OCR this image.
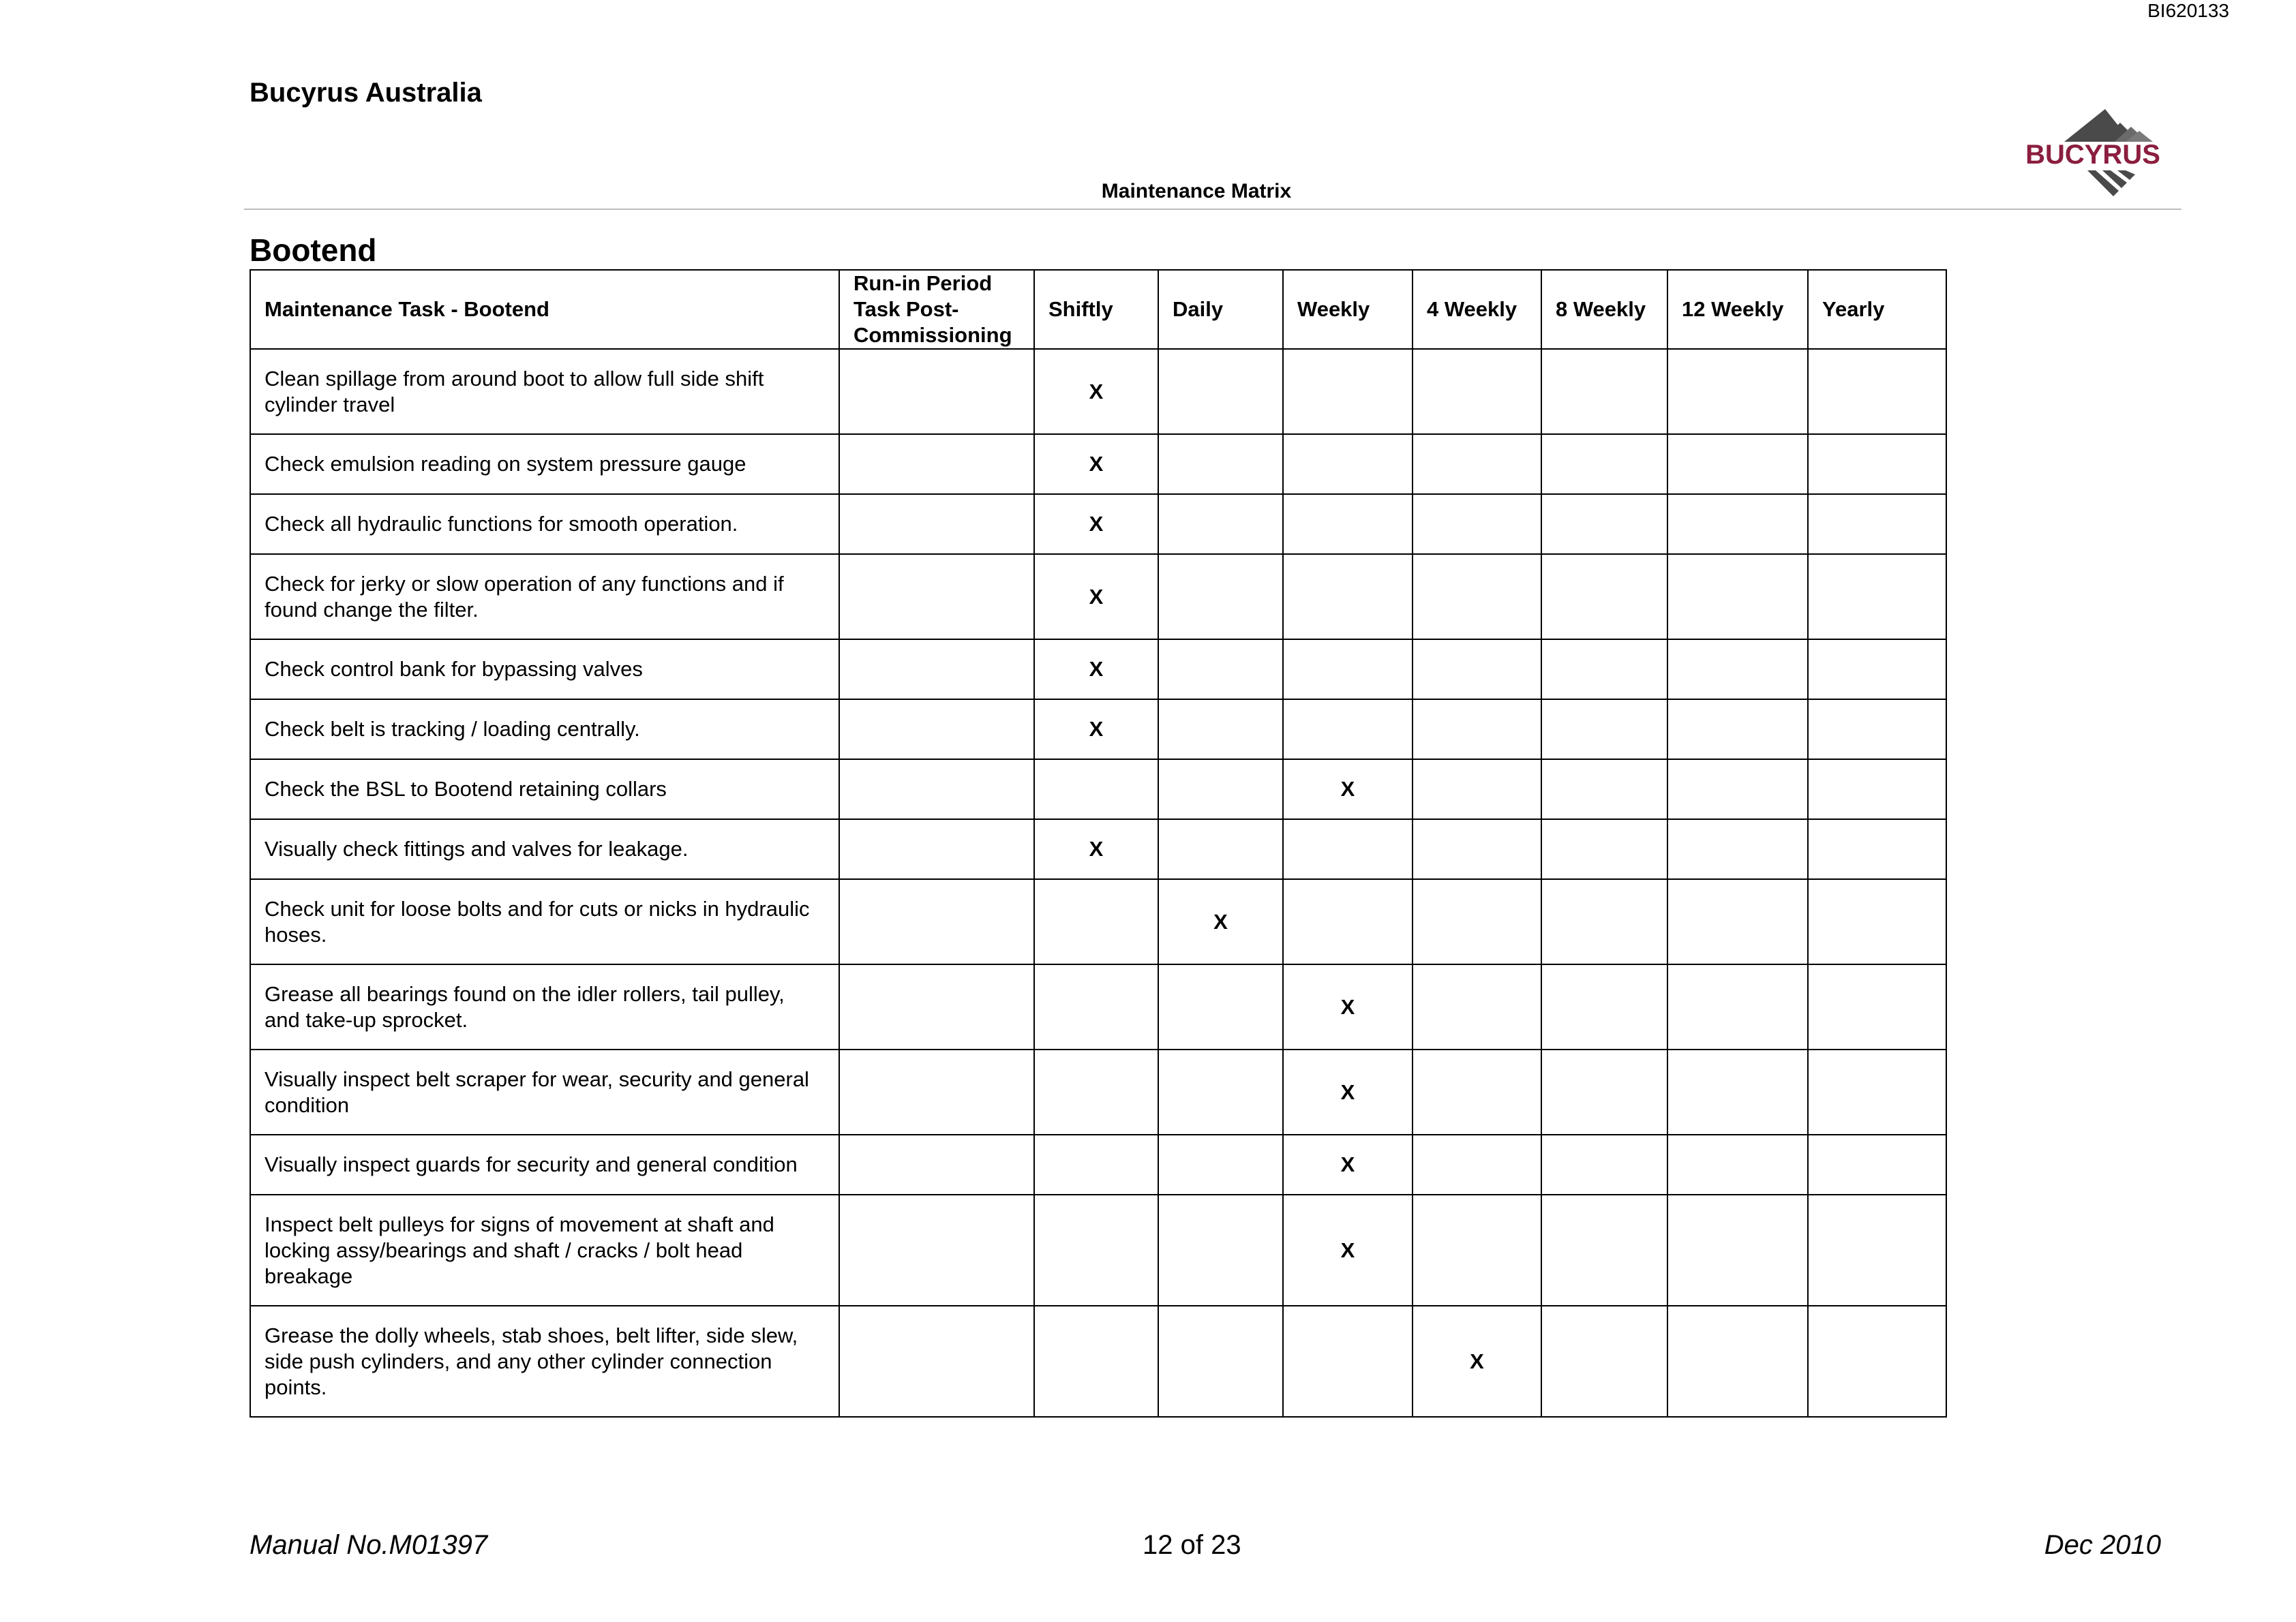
BI620133
Bucyrus Australia
BUCYRUS
Maintenance Matrix
Bootend
Maintenance Task - Bootend	Run-in Period Task Post-Commissioning	Shiftly	Daily	Weekly	4 Weekly	8 Weekly	12 Weekly	Yearly
Clean spillage from around boot to allow full side shift cylinder travel		X						
Check emulsion reading on system pressure gauge		X						
Check all hydraulic functions for smooth operation.		X						
Check for jerky or slow operation of any functions and if found change the filter.		X						
Check control bank for bypassing valves		X						
Check belt is tracking / loading centrally.		X						
Check the BSL to Bootend retaining collars				X				
Visually check fittings and valves for leakage.		X						
Check unit for loose bolts and for cuts or nicks in hydraulic hoses.			X					
Grease all bearings found on the idler rollers, tail pulley, and take-up sprocket.				X				
Visually inspect belt scraper for wear, security and general condition				X				
Visually inspect guards for security and general condition				X				
Inspect belt pulleys for signs of movement at shaft and locking assy/bearings and shaft / cracks / bolt head breakage				X				
Grease the dolly wheels, stab shoes, belt lifter, side slew, side push cylinders, and any other cylinder connection points.					X			
Manual No.M01397	12 of 23	Dec 2010
